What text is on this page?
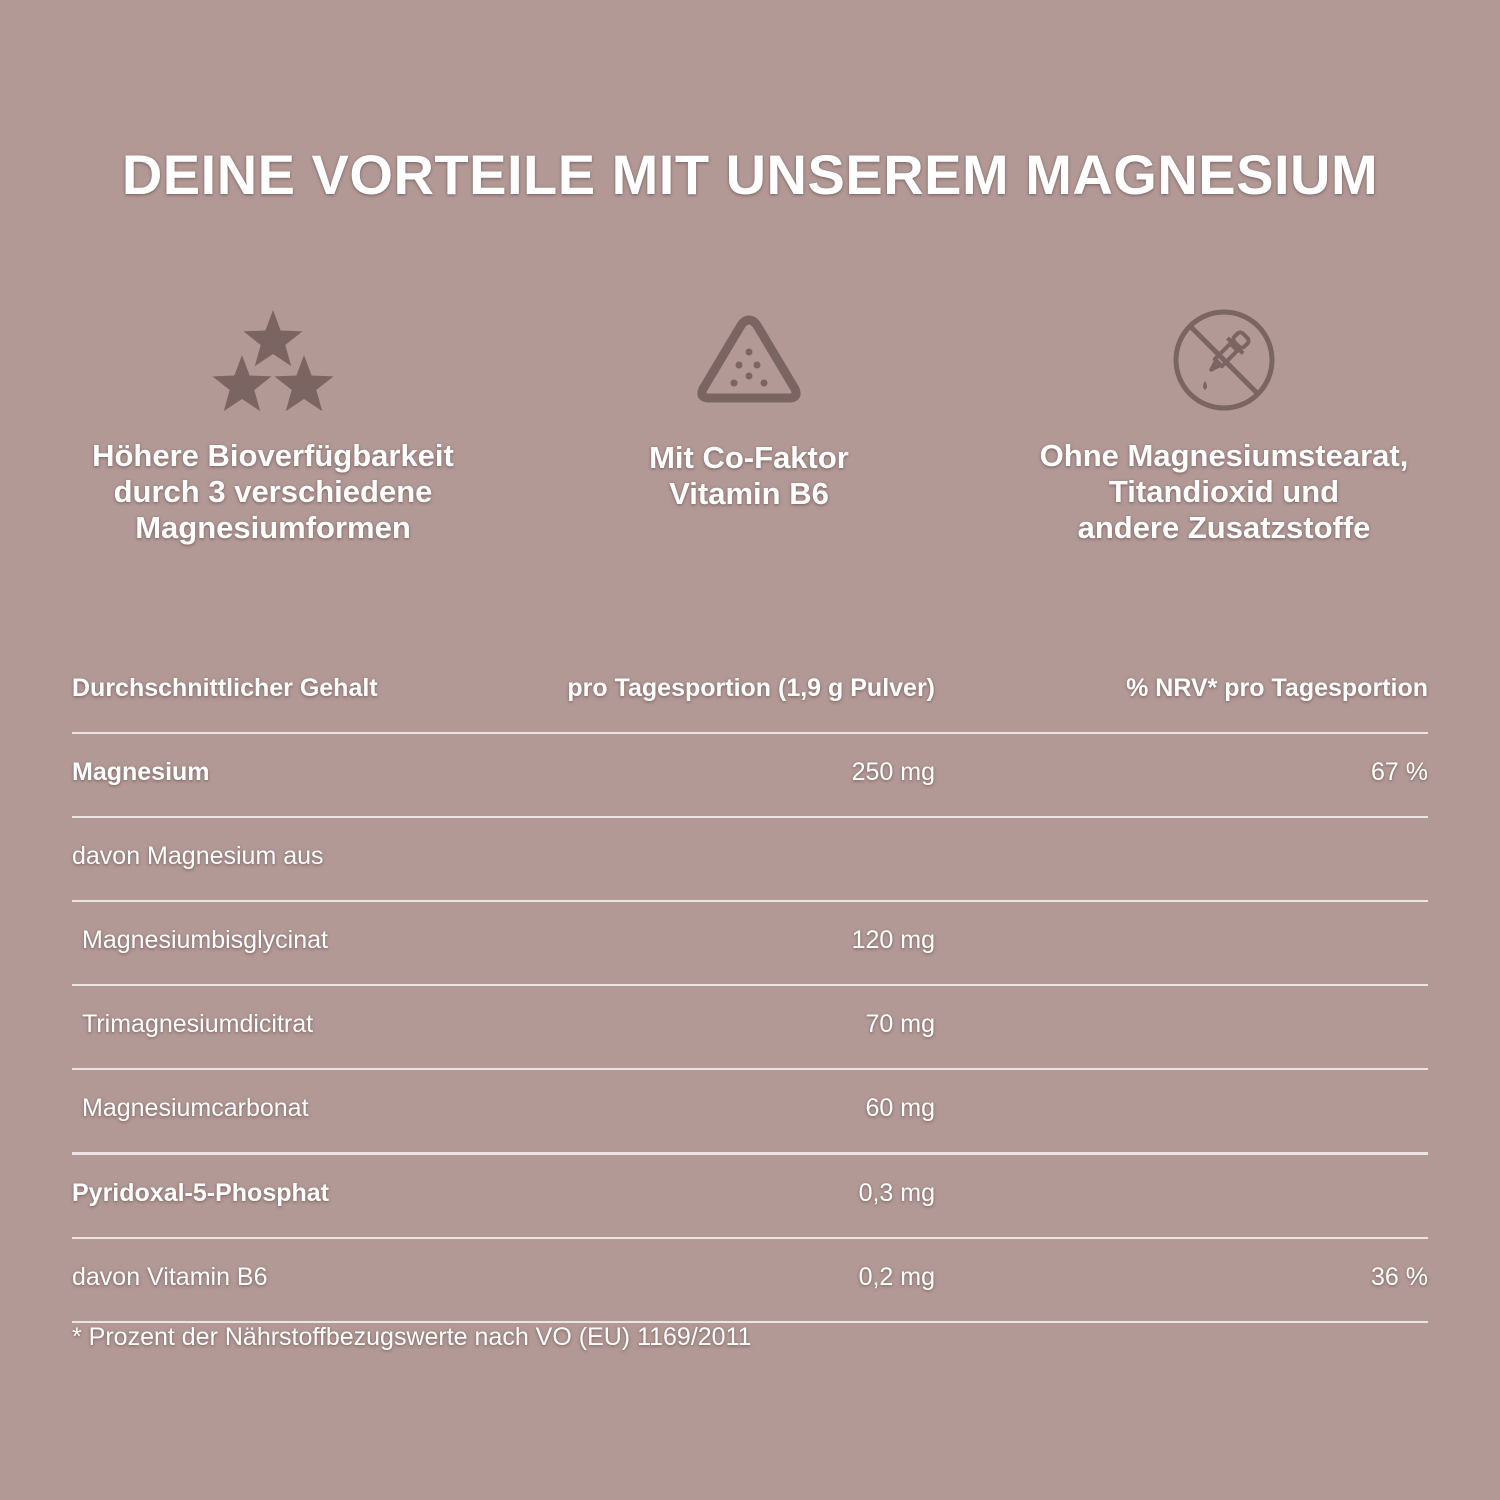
DEINE VORTEILE MIT UNSEREM MAGNESIUM
Höhere Bioverfügbarkeit
durch 3 verschiedene
Magnesiumformen
Mit Co-Faktor
Vitamin B6
Ohne Magnesiumstearat,
Titandioxid und
andere Zusatzstoffe
Durchschnittlicher Gehalt	pro Tagesportion (1,9 g Pulver)	% NRV* pro Tagesportion
Magnesium	250 mg	67 %
davon Magnesium aus
Magnesiumbisglycinat	120 mg
Trimagnesiumdicitrat	70 mg
Magnesiumcarbonat	60 mg
Pyridoxal-5-Phosphat	0,3 mg
davon Vitamin B6	0,2 mg	36 %
* Prozent der Nährstoffbezugswerte nach VO (EU) 1169/2011
